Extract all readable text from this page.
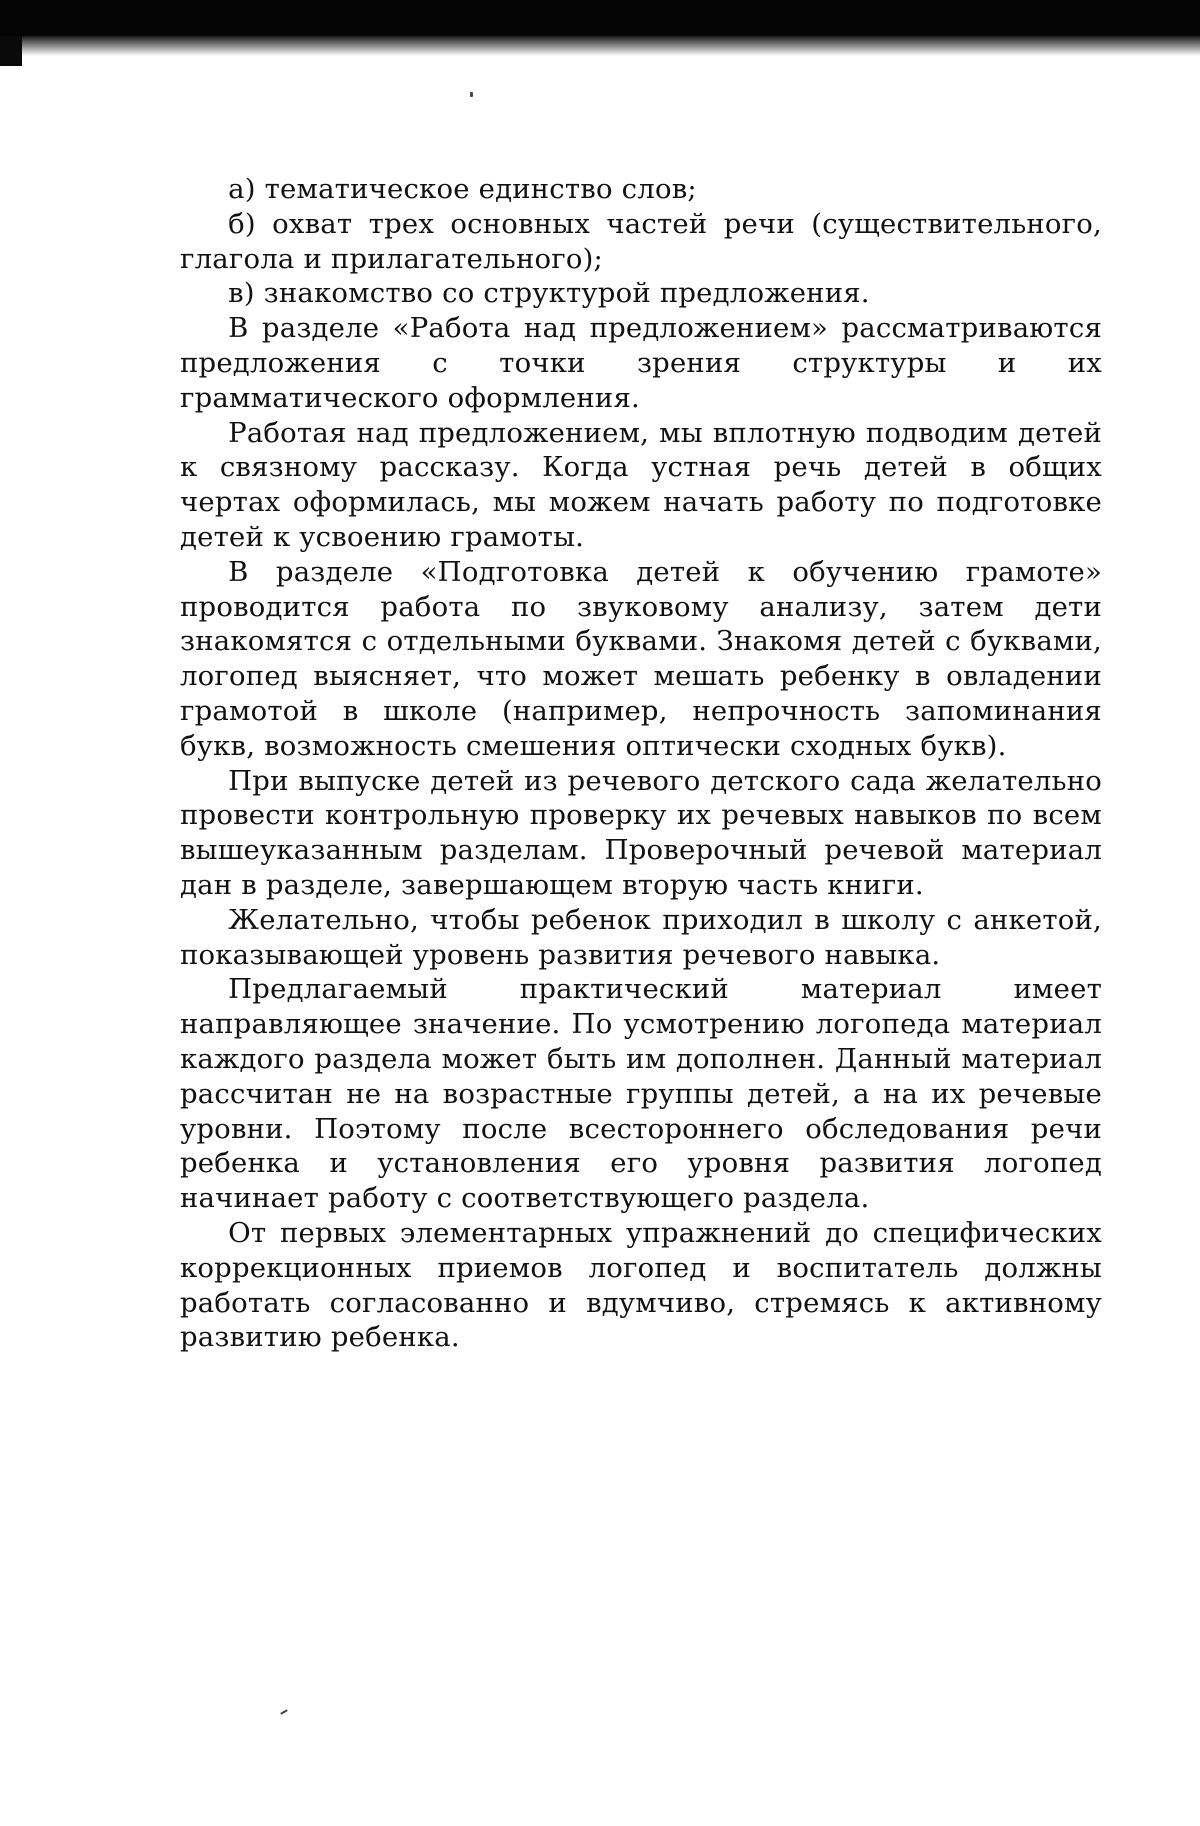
а) тематическое единство слов;

б) охват трех основных частей речи (существительного, глагола и прилагательного);

в) знакомство со структурой предложения.

В разделе «Работа над предложением» рассматриваются предложения с точки зрения структуры и их грамматического оформления.

Работая над предложением, мы вплотную подводим детей к связному рассказу. Когда устная речь детей в общих чертах оформилась, мы можем начать работу по подготовке детей к усвоению грамоты.

В разделе «Подготовка детей к обучению грамоте» проводится работа по звуковому анализу, затем дети знакомятся с отдельными буквами. Знакомя детей с буквами, логопед выясняет, что может мешать ребенку в овладении грамотой в школе (например, непрочность запоминания букв, возможность смешения оптически сходных букв).

При выпуске детей из речевого детского сада желательно провести контрольную проверку их речевых навыков по всем вышеуказанным разделам. Проверочный речевой материал дан в разделе, завершающем вторую часть книги.

Желательно, чтобы ребенок приходил в школу с анкетой, показывающей уровень развития речевого навыка.

Предлагаемый практический материал имеет направляющее значение. По усмотрению логопеда материал каждого раздела может быть им дополнен. Данный материал рассчитан не на возрастные группы детей, а на их речевые уровни. Поэтому после всестороннего обследования речи ребенка и установления его уровня развития логопед начинает работу с соответствующего раздела.

От первых элементарных упражнений до специфических коррекционных приемов логопед и воспитатель должны работать согласованно и вдумчиво, стремясь к активному развитию ребенка.
